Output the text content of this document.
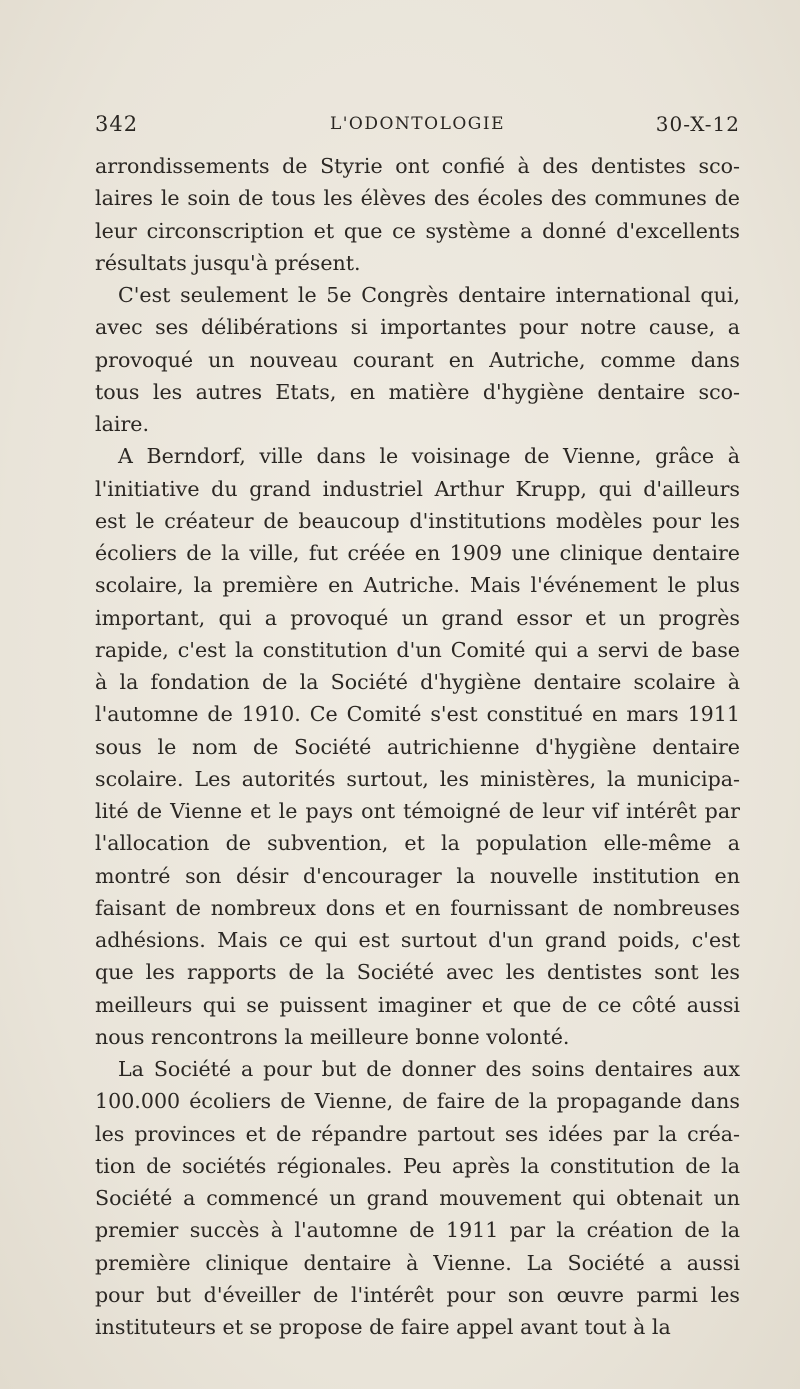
342	L'ODONTOLOGIE	30-X-12
arrondissements de Styrie ont confié à des dentistes sco-
laires le soin de tous les élèves des écoles des communes de
leur circonscription et que ce système a donné d'excellents
résultats jusqu'à présent.
C'est seulement le 5e Congrès dentaire international qui,
avec ses délibérations si importantes pour notre cause, a
provoqué un nouveau courant en Autriche, comme dans
tous les autres Etats, en matière d'hygiène dentaire sco-
laire.
A Berndorf, ville dans le voisinage de Vienne, grâce à
l'initiative du grand industriel Arthur Krupp, qui d'ailleurs
est le créateur de beaucoup d'institutions modèles pour les
écoliers de la ville, fut créée en 1909 une clinique dentaire
scolaire, la première en Autriche. Mais l'événement le plus
important, qui a provoqué un grand essor et un progrès
rapide, c'est la constitution d'un Comité qui a servi de base
à la fondation de la Société d'hygiène dentaire scolaire à
l'automne de 1910. Ce Comité s'est constitué en mars 1911
sous le nom de Société autrichienne d'hygiène dentaire
scolaire. Les autorités surtout, les ministères, la municipa-
lité de Vienne et le pays ont témoigné de leur vif intérêt par
l'allocation de subvention, et la population elle-même a
montré son désir d'encourager la nouvelle institution en
faisant de nombreux dons et en fournissant de nombreuses
adhésions. Mais ce qui est surtout d'un grand poids, c'est
que les rapports de la Société avec les dentistes sont les
meilleurs qui se puissent imaginer et que de ce côté aussi
nous rencontrons la meilleure bonne volonté.
La Société a pour but de donner des soins dentaires aux
100.000 écoliers de Vienne, de faire de la propagande dans
les provinces et de répandre partout ses idées par la créa-
tion de sociétés régionales. Peu après la constitution de la
Société a commencé un grand mouvement qui obtenait un
premier succès à l'automne de 1911 par la création de la
première clinique dentaire à Vienne. La Société a aussi
pour but d'éveiller de l'intérêt pour son œuvre parmi les
instituteurs et se propose de faire appel avant tout à la
